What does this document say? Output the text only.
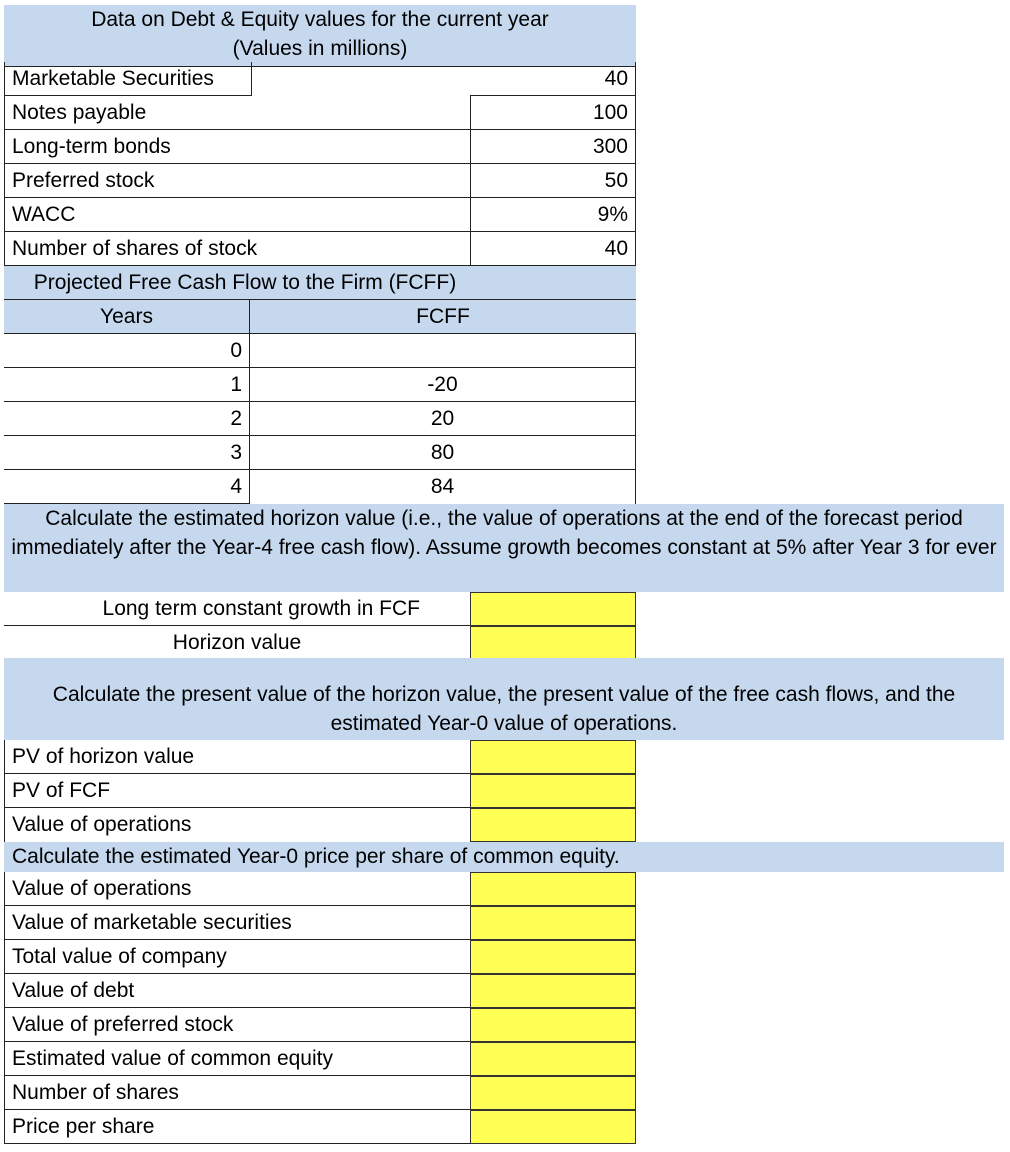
Data on Debt & Equity values for the current year (Values in millions)
Marketable Securities	40
Notes payable	100
Long-term bonds	300
Preferred stock	50
WACC	9%
Number of shares of stock	40
Projected Free Cash Flow to the Firm (FCFF)
Years	FCFF
0
1	-20
2	20
3	80
4	84
Calculate the estimated horizon value (i.e., the value of operations at the end of the forecast period immediately after the Year-4 free cash flow). Assume growth becomes constant at 5% after Year 3 for ever
Long term constant growth in FCF
Horizon value
Calculate the present value of the horizon value, the present value of the free cash flows, and the estimated Year-0 value of operations.
PV of horizon value
PV of FCF
Value of operations
Calculate the estimated Year-0 price per share of common equity.
Value of operations
Value of marketable securities
Total value of company
Value of debt
Value of preferred stock
Estimated value of common equity
Number of shares
Price per share
